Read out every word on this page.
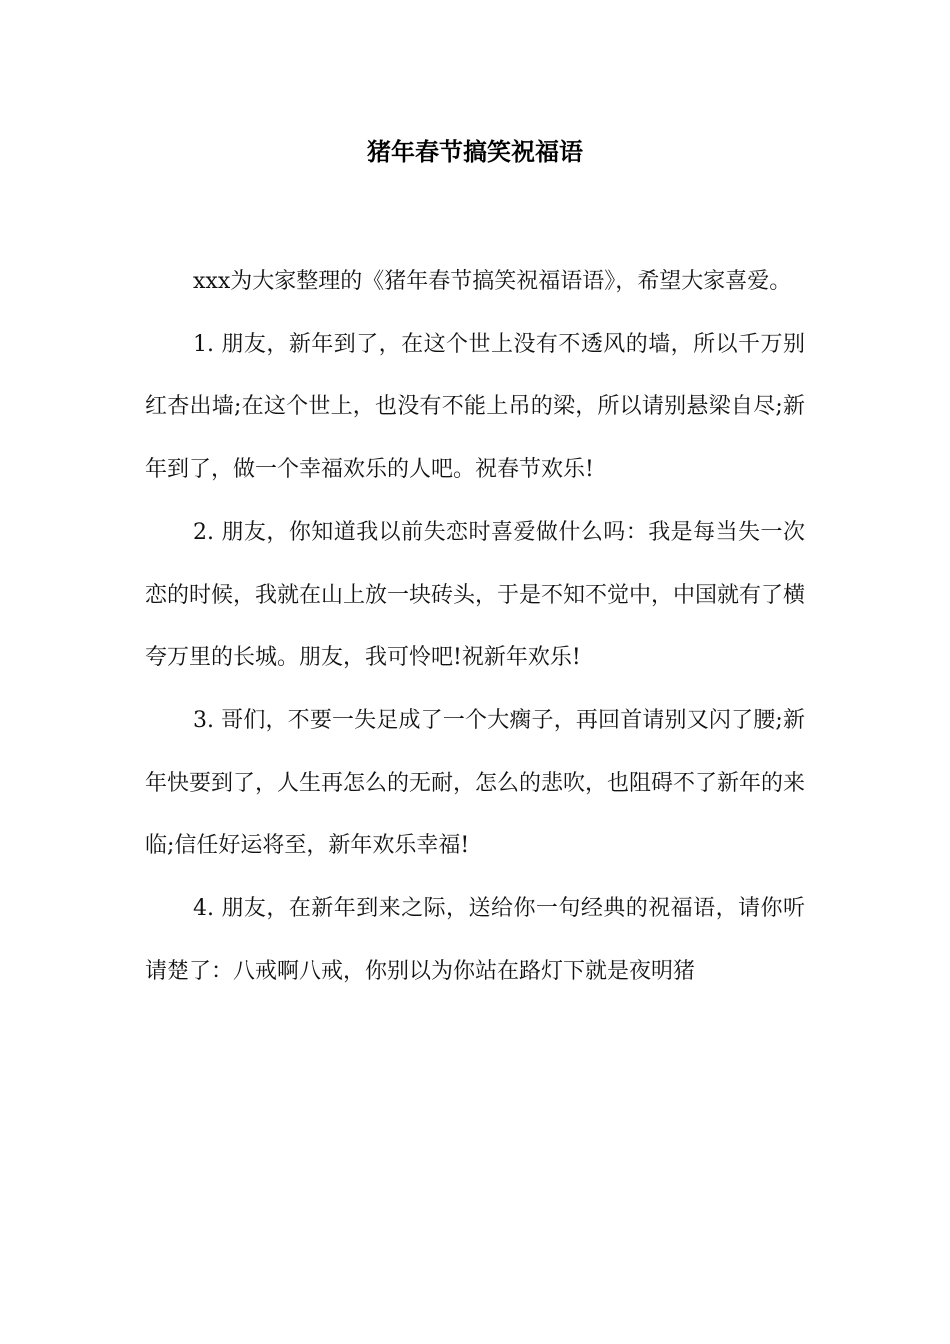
猪年春节搞笑祝福语

xxx为大家整理的《猪年春节搞笑祝福语语》，希望大家喜爱。

1. 朋友，新年到了，在这个世上没有不透风的墙，所以千万别红杏出墙;在这个世上，也没有不能上吊的梁，所以请别悬梁自尽;新年到了，做一个幸福欢乐的人吧。祝春节欢乐!

2. 朋友，你知道我以前失恋时喜爱做什么吗：我是每当失一次恋的时候，我就在山上放一块砖头，于是不知不觉中，中国就有了横夸万里的长城。朋友，我可怜吧!祝新年欢乐!

3. 哥们，不要一失足成了一个大瘸子，再回首请别又闪了腰;新年快要到了，人生再怎么的无耐，怎么的悲吹，也阻碍不了新年的来临;信任好运将至，新年欢乐幸福!

4. 朋友，在新年到来之际，送给你一句经典的祝福语，请你听请楚了：八戒啊八戒，你别以为你站在路灯下就是夜明猪
